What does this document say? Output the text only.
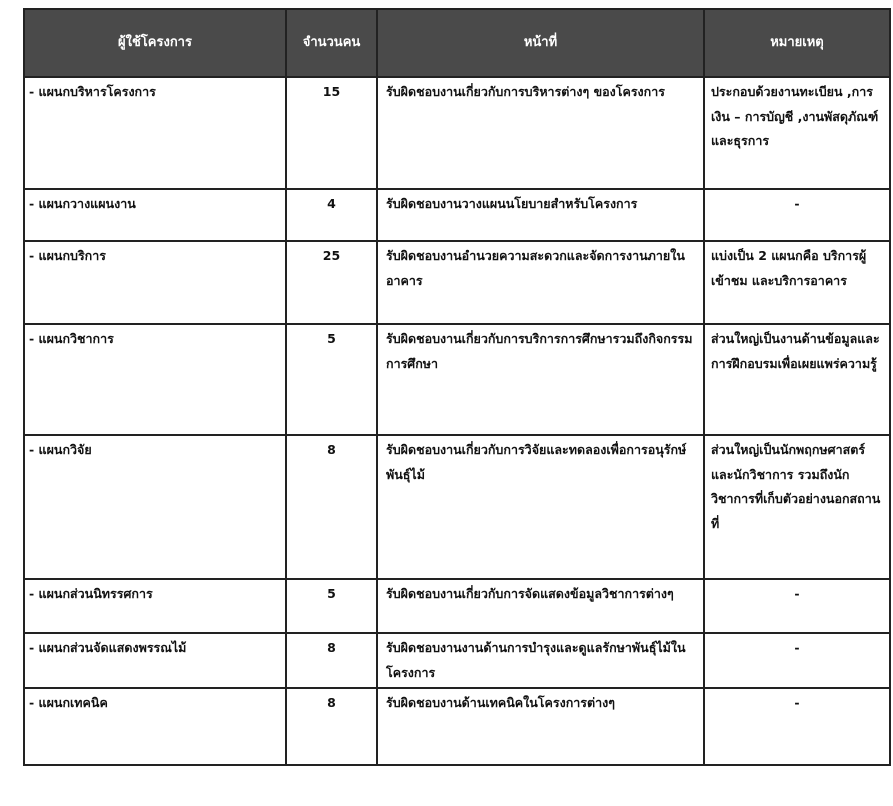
ผู้ใช้โครงการ	จำนวนคน	หน้าที่	หมายเหตุ
- แผนกบริหารโครงการ	15	รับผิดชอบงานเกี่ยวกับการบริหารต่างๆ ของโครงการ	ประกอบด้วยงานทะเบียน ,การเงิน – การบัญชี ,งานพัสดุภัณฑ์และธุรการ
- แผนกวางแผนงาน	4	รับผิดชอบงานวางแผนนโยบายสำหรับโครงการ	-
- แผนกบริการ	25	รับผิดชอบงานอำนวยความสะดวกและจัดการงานภายในอาคาร	แบ่งเป็น 2 แผนกคือ บริการผู้เข้าชม และบริการอาคาร
- แผนกวิชาการ	5	รับผิดชอบงานเกี่ยวกับการบริการการศึกษารวมถึงกิจกรรมการศึกษา	ส่วนใหญ่เป็นงานด้านข้อมูลและการฝึกอบรมเพื่อเผยแพร่ความรู้
- แผนกวิจัย	8	รับผิดชอบงานเกี่ยวกับการวิจัยและทดลองเพื่อการอนุรักษ์พันธุ์ไม้	ส่วนใหญ่เป็นนักพฤกษศาสตร์และนักวิชาการ รวมถึงนักวิชาการที่เก็บตัวอย่างนอกสถานที่
- แผนกส่วนนิทรรศการ	5	รับผิดชอบงานเกี่ยวกับการจัดแสดงข้อมูลวิชาการต่างๆ	-
- แผนกส่วนจัดแสดงพรรณไม้	8	รับผิดชอบงานงานด้านการบำรุงและดูแลรักษาพันธุ์ไม้ในโครงการ	-
- แผนกเทคนิค	8	รับผิดชอบงานด้านเทคนิคในโครงการต่างๆ	-
